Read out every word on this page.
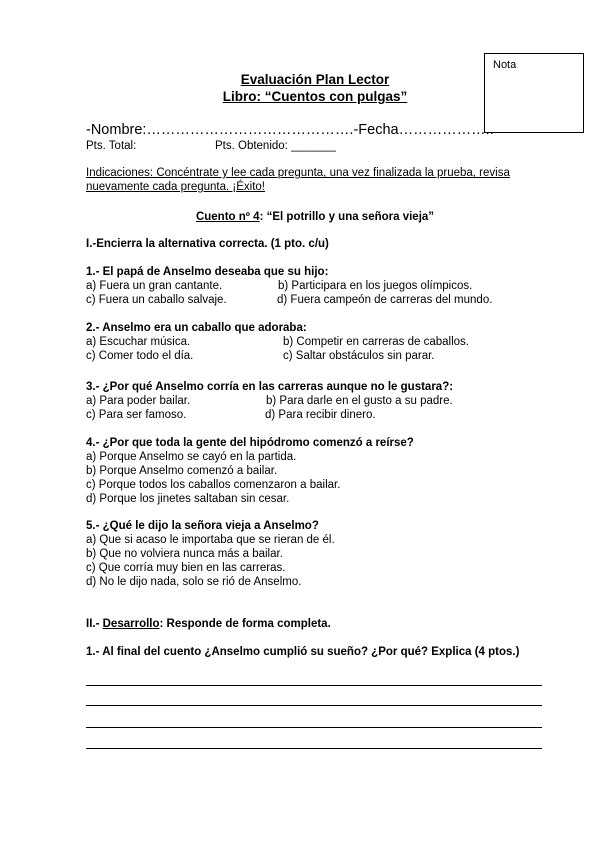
Nota
Evaluación Plan Lector
Libro: “Cuentos con pulgas”
-Nombre:…………………………………….-Fecha………………..
Pts. Total:	Pts. Obtenido: _______
Indicaciones: Concéntrate y lee cada pregunta, una vez finalizada la prueba, revisa
nuevamente cada pregunta. ¡Éxito!
Cuento nº 4: “El potrillo y una señora vieja”
I.-Encierra la alternativa correcta. (1 pto. c/u)
1.- El papá de Anselmo deseaba que su hijo:
a) Fuera un gran cantante.	b) Participara en los juegos olímpicos.
c) Fuera un caballo salvaje.	d) Fuera campeón de carreras del mundo.
2.- Anselmo era un caballo que adoraba:
a) Escuchar música.	b) Competir en carreras de caballos.
c) Comer todo el día.	c) Saltar obstáculos sin parar.
3.- ¿Por qué Anselmo corría en las carreras aunque no le gustara?:
a) Para poder bailar.	b) Para darle en el gusto a su padre.
c) Para ser famoso.	d) Para recibir dinero.
4.- ¿Por que toda la gente del hipódromo comenzó a reírse?
a) Porque Anselmo se cayó en la partida.
b) Porque Anselmo comenzó a bailar.
c) Porque todos los caballos comenzaron a bailar.
d) Porque los jinetes saltaban sin cesar.
5.- ¿Qué le dijo la señora vieja a Anselmo?
a) Que si acaso le importaba que se rieran de él.
b) Que no volviera nunca más a bailar.
c) Que corría muy bien en las carreras.
d) No le dijo nada, solo se rió de Anselmo.
II.- Desarrollo: Responde de forma completa.
1.- Al final del cuento ¿Anselmo cumplió su sueño? ¿Por qué? Explica (4 ptos.)
